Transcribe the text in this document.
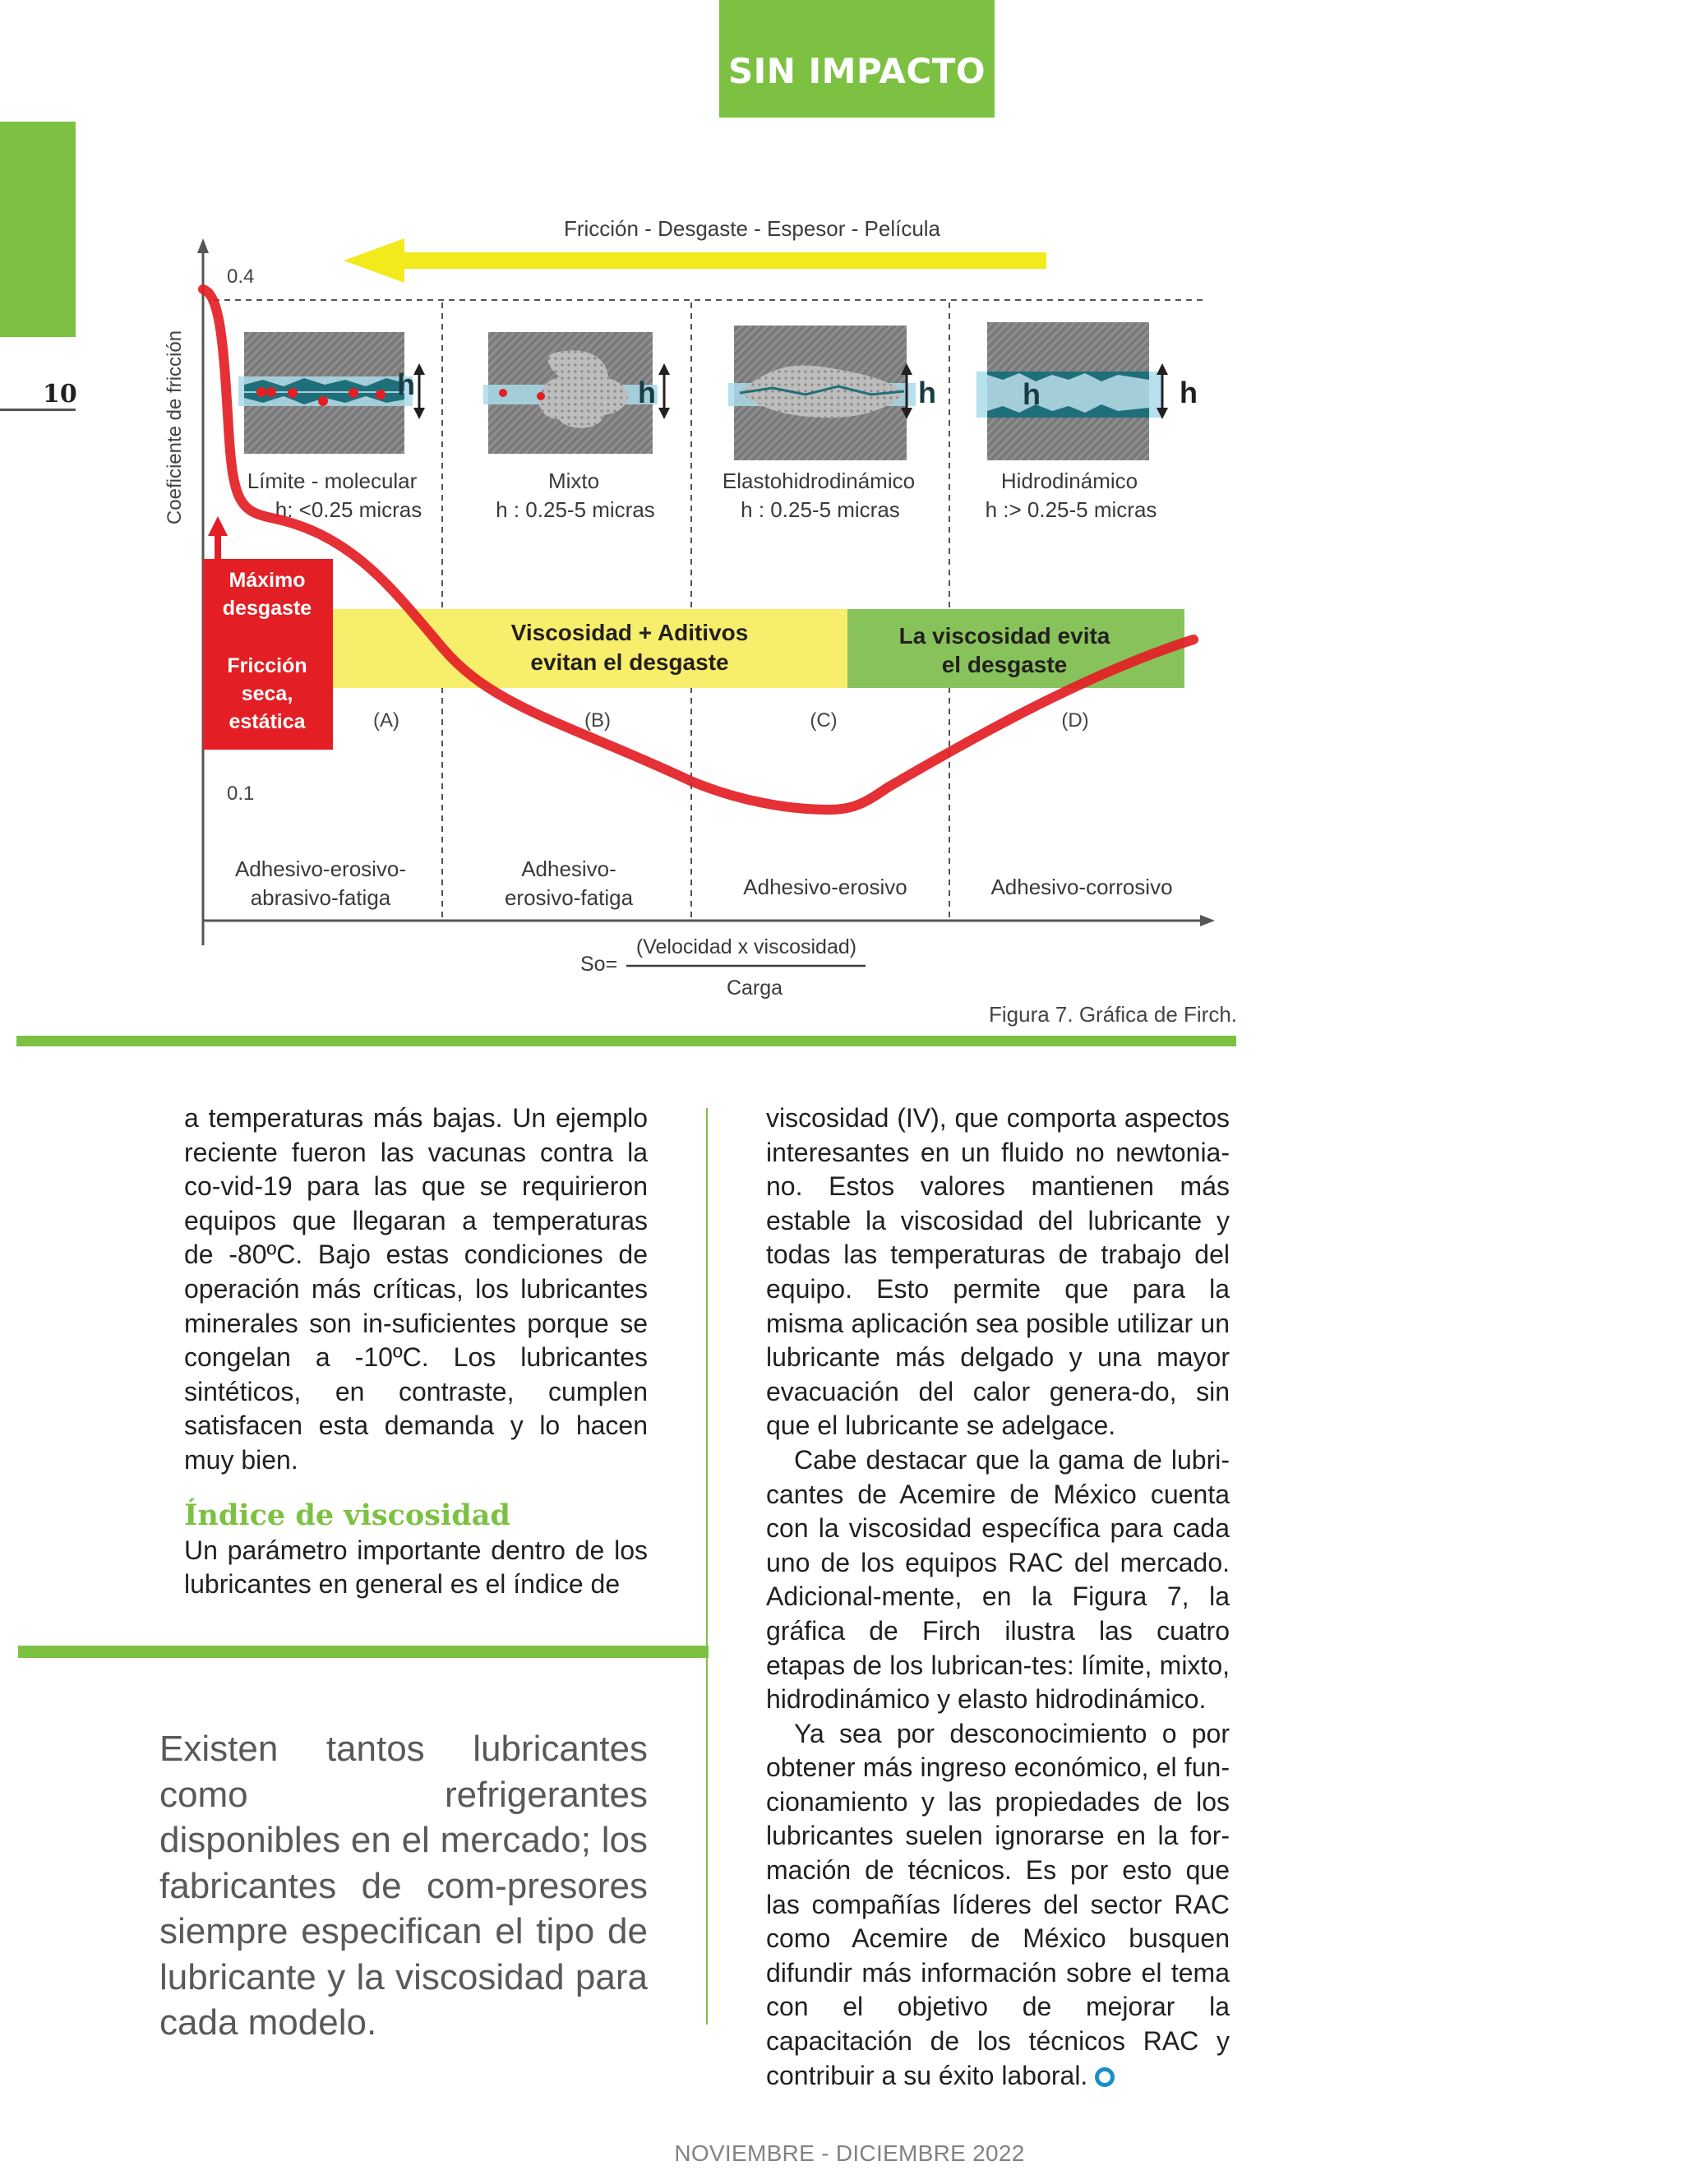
SIN IMPACTO
10
Fricción - Desgaste - Espesor - Película
Coeficiente de fricción
0.4
0.1
h	h	h	h	h
Límite - molecular
h: <0.25 micras
Mixto
h : 0.25-5 micras
Elastohidrodinámico
h : 0.25-5 micras
Hidrodinámico
h :> 0.25-5 micras
Viscosidad + Aditivos
evitan el desgaste
La viscosidad evita
el desgaste
Máximo
desgaste
Fricción
seca,
estática	(A)	(B)	(C)	(D)
Adhesivo-erosivo-
abrasivo-fatiga
Adhesivo-
erosivo-fatiga	Adhesivo-erosivo	Adhesivo-corrosivo
So=
(Velocidad x viscosidad)
Carga
Figura 7. Gráfica de Firch.

a temperaturas más bajas. Un ejemplo reciente fueron las vacunas contra la co-vid-19 para las que se requirieron equipos que llegaran a temperaturas de -80ºC. Bajo estas condiciones de operación más críticas, los lubricantes minerales son in-suficientes porque se congelan a -10ºC. Los lubricantes sintéticos, en contraste, cumplen satisfacen esta demanda y lo hacen muy bien.

Índice de viscosidad

Un parámetro importante dentro de los lubricantes en general es el índice de

Existen tantos lubricantes como refrigerantes disponibles en el mercado; los fabricantes de com-presores siempre especifican el tipo de lubricante y la viscosidad para cada modelo.

viscosidad (IV), que comporta aspectos interesantes en un fluido no newtonia-no. Estos valores mantienen más estable la viscosidad del lubricante y todas las temperaturas de trabajo del equipo. Esto permite que para la misma aplicación sea posible utilizar un lubricante más delgado y una mayor evacuación del calor genera-do, sin que el lubricante se adelgace.

Cabe destacar que la gama de lubri-cantes de Acemire de México cuenta con la viscosidad específica para cada uno de los equipos RAC del mercado. Adicional-mente, en la Figura 7, la gráfica de Firch ilustra las cuatro etapas de los lubrican-tes: límite, mixto, hidrodinámico y elasto hidrodinámico.

Ya sea por desconocimiento o por obtener más ingreso económico, el fun-cionamiento y las propiedades de los lubricantes suelen ignorarse en la for-mación de técnicos. Es por esto que las compañías líderes del sector RAC como Acemire de México busquen difundir más información sobre el tema con el objetivo de mejorar la capacitación de los técnicos RAC y contribuir a su éxito laboral.

NOVIEMBRE - DICIEMBRE 2022
